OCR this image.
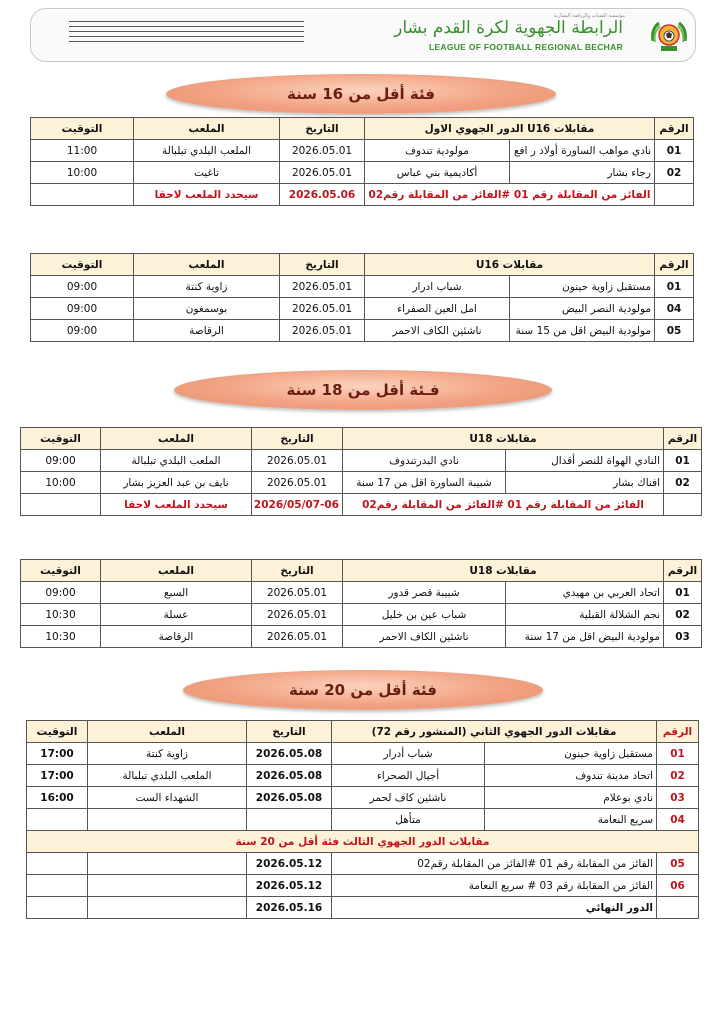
مؤسسة الشباب والرياضة البشارية
الرابطة الجهوية لكرة القدم بشار
LEAGUE OF FOOTBALL REGIONAL BECHAR
فئة أقل من 16 سنة
الرقم	مقابلات U16 الدور الجهوي الاول		التاريخ	الملعب	التوقيت
01	نادي مواهب الساورة أولاد ر افع	مولودية تندوف	2026.05.01	الملعب البلدي تبلبالة	11:00
02	رجاء بشار	أكاديمية بني عباس	2026.05.01	تاغيت	10:00
	الفائز من المقابلة رقم 01 #الفائز من المقابلة رقم02		2026.05.06	سيحدد الملعب لاحقا	
الرقم	مقابلات U16		التاريخ	الملعب	التوقيت
01	مستقبل زاوية حينون	شباب ادرار	2026.05.01	زاوية كنتة	09:00
04	مولودية النصر البيض	امل العين الصفراء	2026.05.01	بوسمغون	09:00
05	مولودية البيض اقل من 15 سنة	ناشئين الكاف الاحمر	2026.05.01	الرقاصة	09:00
فـئة أقل من 18 سنة
الرقم	مقابلات U18		التاريخ	الملعب	التوقيت
01	النادي الهواة للنصر أقدال	نادي البدرتندوف	2026.05.01	الملعب البلدي تبلبالة	09:00
02	افناك بشار	شبيبة الساورة اقل من 17 سنة	2026.05.01	نايف بن عبد العزيز بشار	10:00
	الفائز من المقابلة رقم 01 #الفائز من المقابلة رقم02		2026/05/07-06	سيحدد الملعب لاحقا	
الرقم	مقابلات U18		التاريخ	الملعب	التوقيت
01	اتحاد العربي بن مهيدي	شبيبة قصر قدور	2026.05.01	السبع	09:00
02	نجم الشلالة القبلية	شباب عين بن خليل	2026.05.01	عسلة	10:30
03	مولودية البيض اقل من 17 سنة	ناشئين الكاف الاحمر	2026.05.01	الرقاصة	10:30
فئة أقل من 20 سنة
الرقم	مقابلات الدور الجهوي الثاني (المنشور رقم 72)		التاريخ	الملعب	التوقيت
01	مستقبل زاوية حينون	شباب أدرار	2026.05.08	زاوية كنتة	17:00
02	اتحاد مدينة تندوف	أجيال الصحراء	2026.05.08	الملعب البلدي تبلبالة	17:00
03	نادي بوعلام	ناشئين كاف لحمر	2026.05.08	الشهداء الست	16:00
04	سريع النعامة	متأهل			
مقابلات الدور الجهوي الثالث فئة أقل من 20 سنة					
05	الفائز من المقابلة رقم 01 #الفائز من المقابلة رقم02		2026.05.12		
06	الفائز من المقابلة رقم 03 # سريع النعامة		2026.05.12		
	الدور النهائي		2026.05.16		
